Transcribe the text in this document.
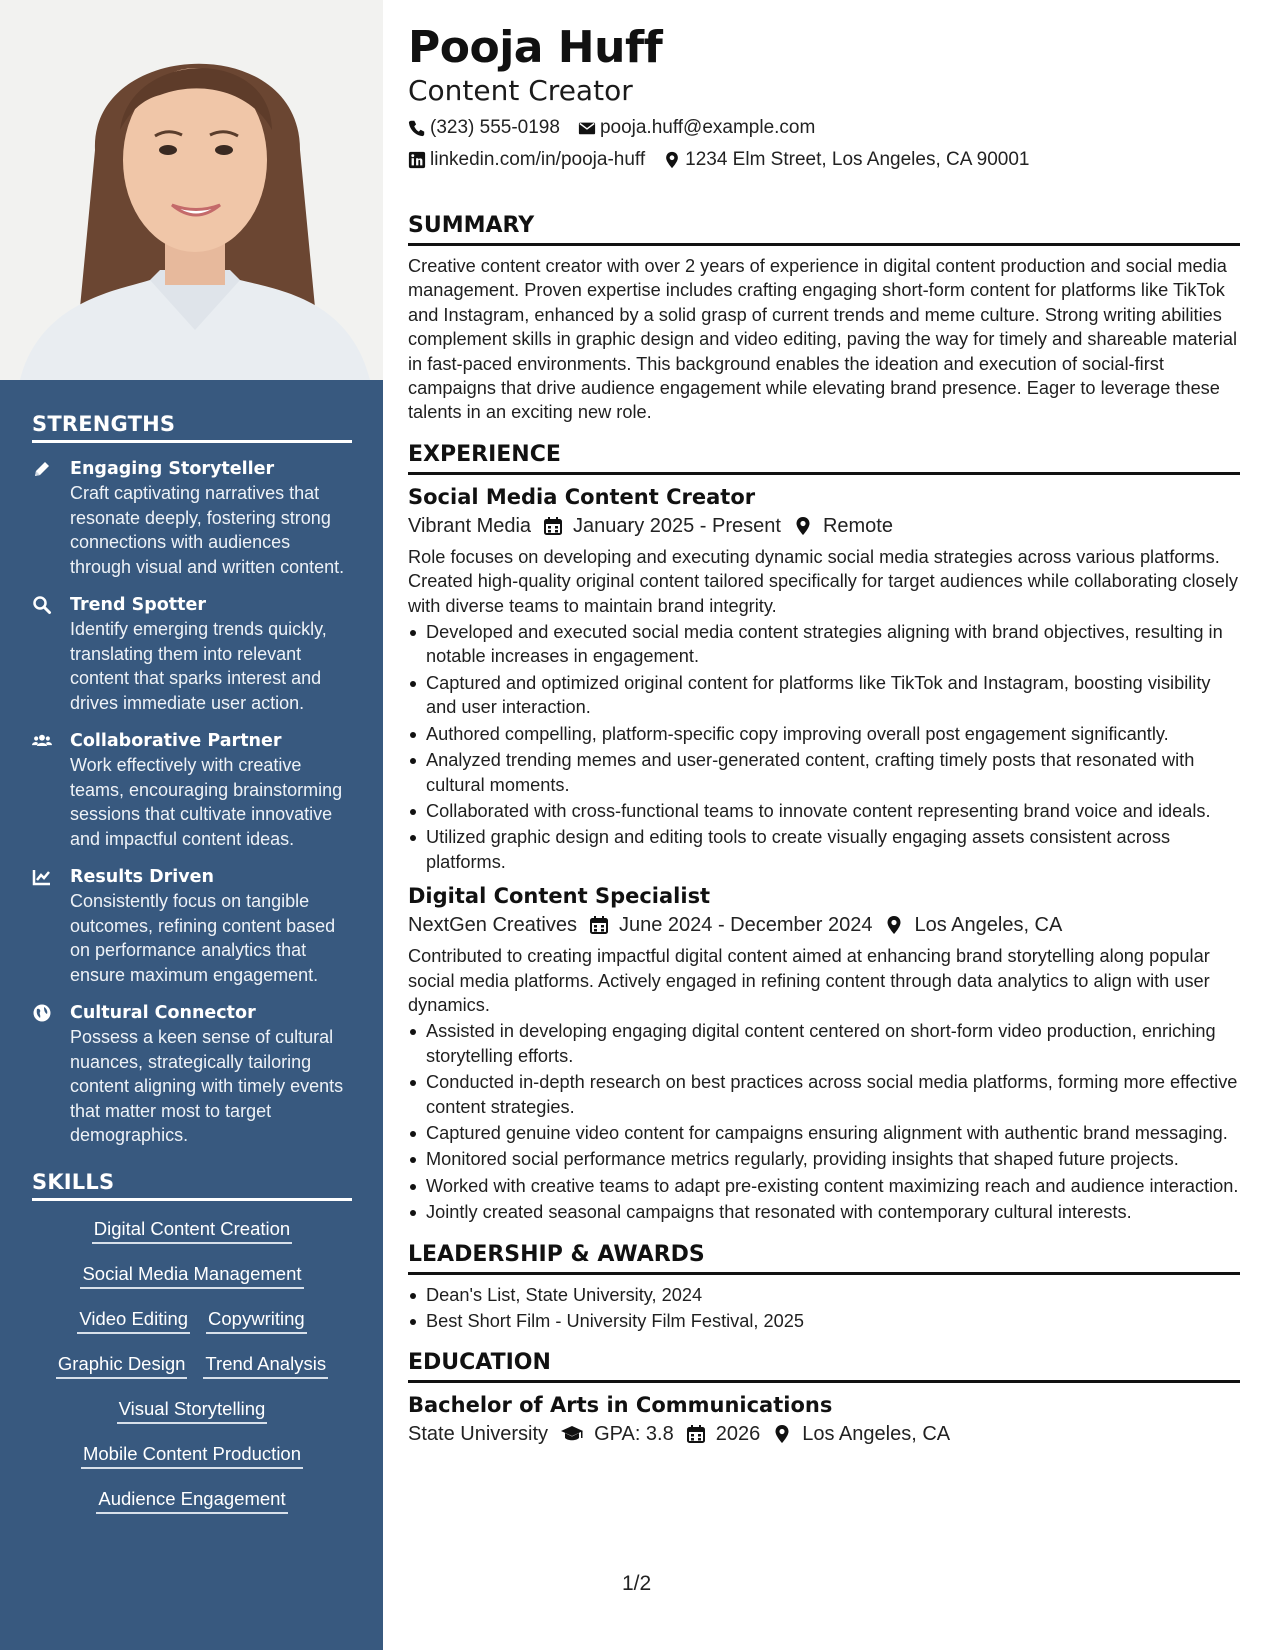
STRENGTHS
Engaging Storyteller
Craft captivating narratives that resonate deeply, fostering strong connections with audiences through visual and written content.
Trend Spotter
Identify emerging trends quickly, translating them into relevant content that sparks interest and drives immediate user action.
Collaborative Partner
Work effectively with creative teams, encouraging brainstorming sessions that cultivate innovative and impactful content ideas.
Results Driven
Consistently focus on tangible outcomes, refining content based on performance analytics that ensure maximum engagement.
Cultural Connector
Possess a keen sense of cultural nuances, strategically tailoring content aligning with timely events that matter most to target demographics.
SKILLS
Digital Content Creation
Social Media Management
Video Editing Copywriting
Graphic Design Trend Analysis
Visual Storytelling
Mobile Content Production
Audience Engagement
Pooja Huff
Content Creator
(323) 555-0198 pooja.huff@example.com
linkedin.com/in/pooja-huff 1234 Elm Street, Los Angeles, CA 90001
SUMMARY
Creative content creator with over 2 years of experience in digital content production and social media management. Proven expertise includes crafting engaging short-form content for platforms like TikTok and Instagram, enhanced by a solid grasp of current trends and meme culture. Strong writing abilities complement skills in graphic design and video editing, paving the way for timely and shareable material in fast-paced environments. This background enables the ideation and execution of social-first campaigns that drive audience engagement while elevating brand presence. Eager to leverage these talents in an exciting new role.
EXPERIENCE
Social Media Content Creator
Vibrant Media January 2025 - Present Remote
Role focuses on developing and executing dynamic social media strategies across various platforms. Created high-quality original content tailored specifically for target audiences while collaborating closely with diverse teams to maintain brand integrity.
Developed and executed social media content strategies aligning with brand objectives, resulting in notable increases in engagement.
Captured and optimized original content for platforms like TikTok and Instagram, boosting visibility and user interaction.
Authored compelling, platform-specific copy improving overall post engagement significantly.
Analyzed trending memes and user-generated content, crafting timely posts that resonated with cultural moments.
Collaborated with cross-functional teams to innovate content representing brand voice and ideals.
Utilized graphic design and editing tools to create visually engaging assets consistent across platforms.
Digital Content Specialist
NextGen Creatives June 2024 - December 2024 Los Angeles, CA
Contributed to creating impactful digital content aimed at enhancing brand storytelling along popular social media platforms. Actively engaged in refining content through data analytics to align with user dynamics.
Assisted in developing engaging digital content centered on short-form video production, enriching storytelling efforts.
Conducted in-depth research on best practices across social media platforms, forming more effective content strategies.
Captured genuine video content for campaigns ensuring alignment with authentic brand messaging.
Monitored social performance metrics regularly, providing insights that shaped future projects.
Worked with creative teams to adapt pre-existing content maximizing reach and audience interaction.
Jointly created seasonal campaigns that resonated with contemporary cultural interests.
LEADERSHIP & AWARDS
Dean's List, State University, 2024
Best Short Film - University Film Festival, 2025
EDUCATION
Bachelor of Arts in Communications
State University GPA: 3.8 2026 Los Angeles, CA
1/2
